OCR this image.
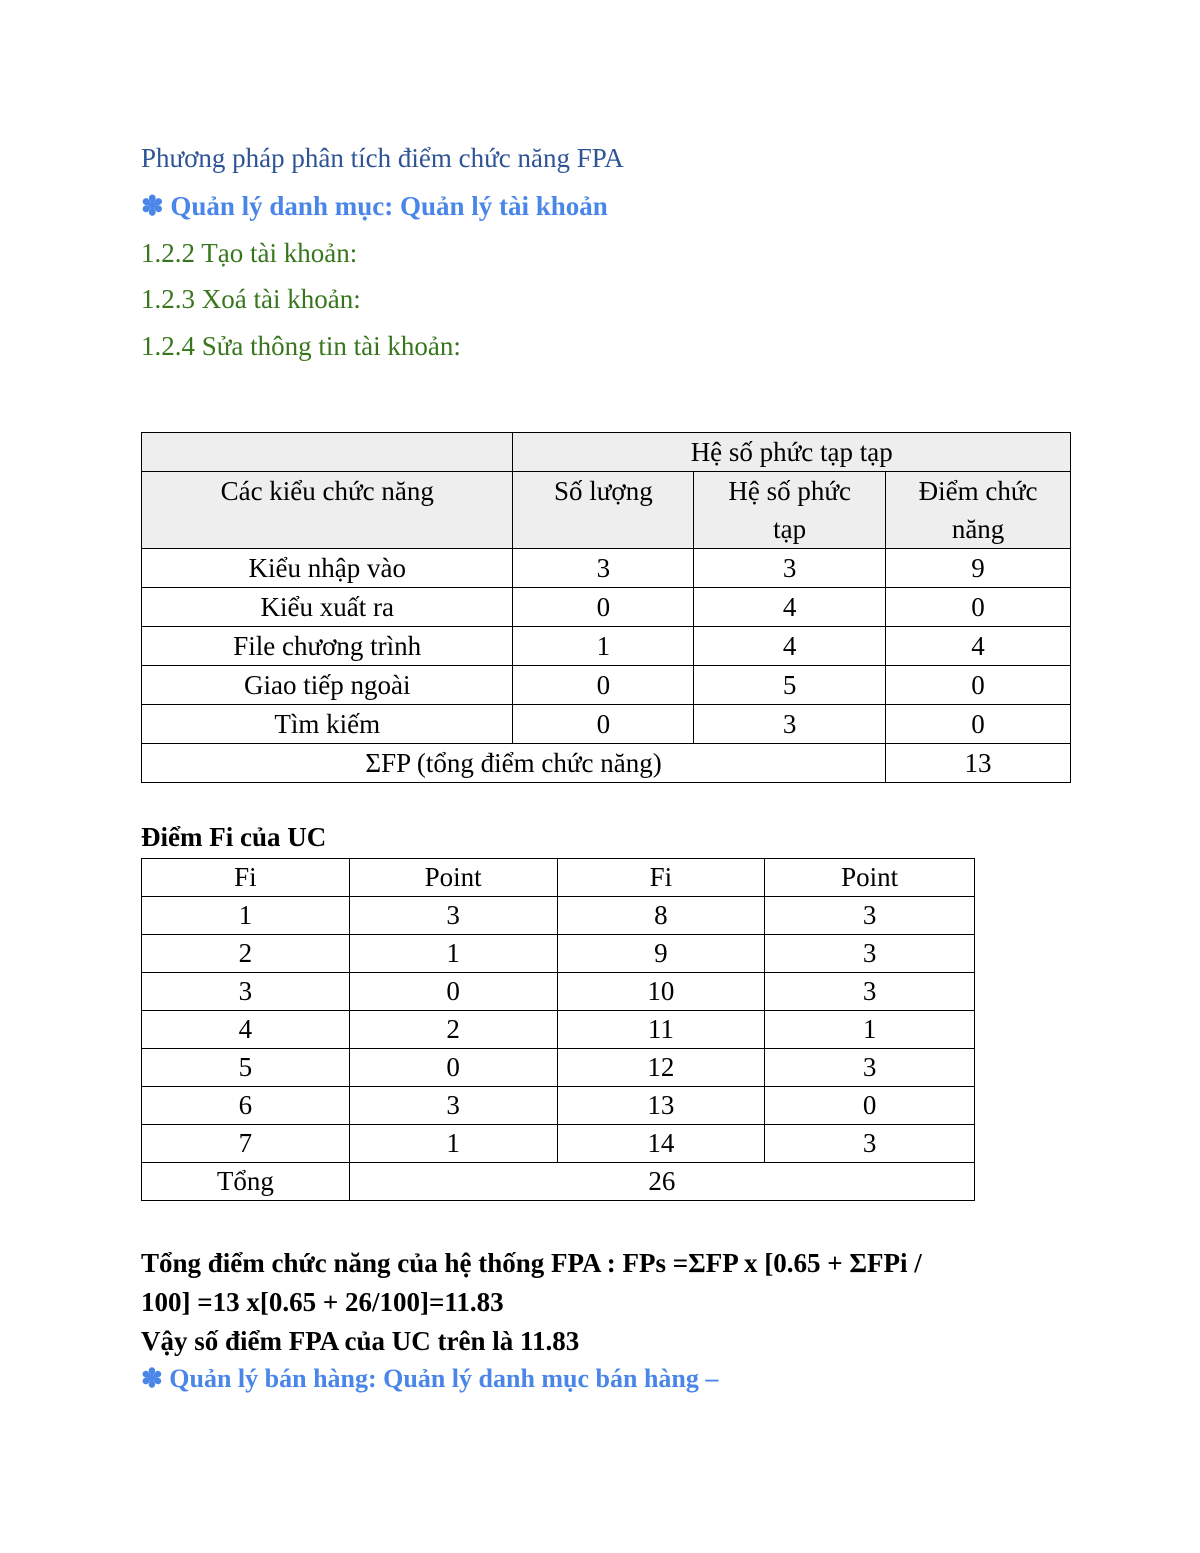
Phương pháp phân tích điểm chức năng FPA
✽ Quản lý danh mục: Quản lý tài khoản
1.2.2 Tạo tài khoản:
1.2.3 Xoá tài khoản:
1.2.4 Sửa thông tin tài khoản:
	Hệ số phức tạp tạp		
Các kiểu chức năng	Số lượng	Hệ số phức tạp	Điểm chức năng
Kiểu nhập vào	3	3	9
Kiểu xuất ra	0	4	0
File chương trình	1	4	4
Giao tiếp ngoài	0	5	0
Tìm kiếm	0	3	0
ΣFP (tổng điểm chức năng)			13
Điểm Fi của UC
Fi	Point	Fi	Point
1	3	8	3
2	1	9	3
3	0	10	3
4	2	11	1
5	0	12	3
6	3	13	0
7	1	14	3
Tổng	26		
Tổng điểm chức năng của hệ thống FPA : FPs =ΣFP x [0.65 + ΣFPi /
100] =13 x[0.65 + 26/100]=11.83
Vậy số điểm FPA của UC trên là 11.83
✽ Quản lý bán hàng: Quản lý danh mục bán hàng –
